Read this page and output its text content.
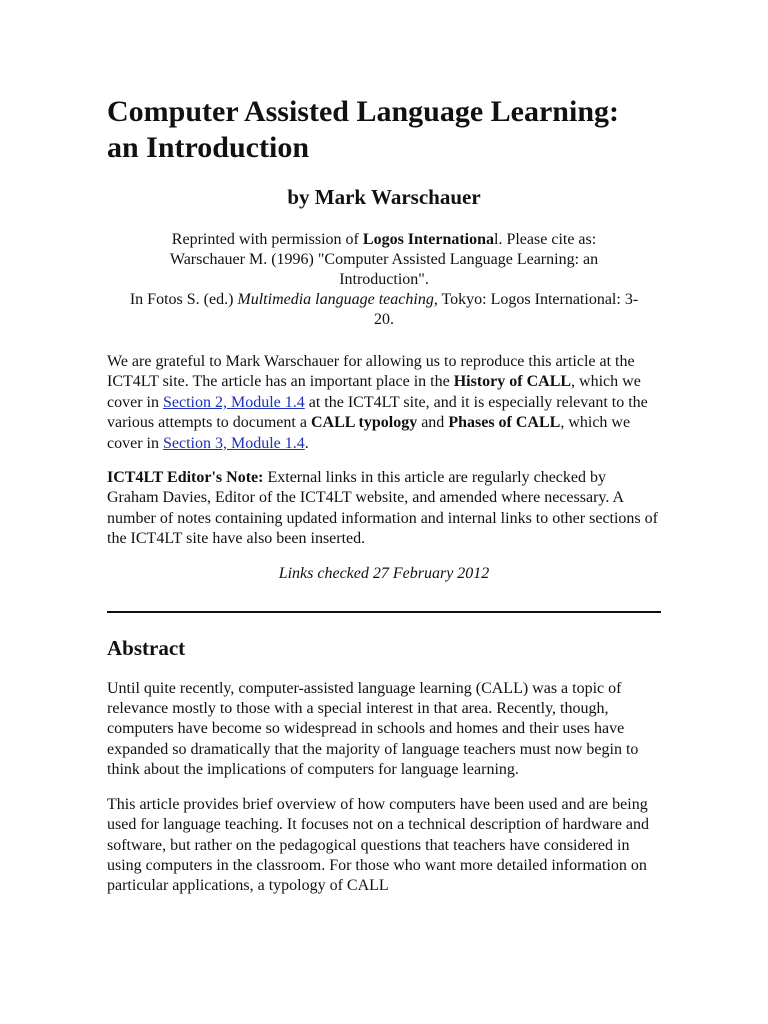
Computer Assisted Language Learning:
an Introduction
by Mark Warschauer
Reprinted with permission of Logos International. Please cite as:
Warschauer M. (1996) "Computer Assisted Language Learning: an
Introduction".
In Fotos S. (ed.) Multimedia language teaching, Tokyo: Logos International: 3-
20.

We are grateful to Mark Warschauer for allowing us to reproduce this article at the ICT4LT site. The article has an important place in the History of CALL, which we cover in Section 2, Module 1.4 at the ICT4LT site, and it is especially relevant to the various attempts to document a CALL typology and Phases of CALL, which we cover in Section 3, Module 1.4.

ICT4LT Editor's Note: External links in this article are regularly checked by Graham Davies, Editor of the ICT4LT website, and amended where necessary. A number of notes containing updated information and internal links to other sections of the ICT4LT site have also been inserted.

Links checked 27 February 2012
Abstract

Until quite recently, computer-assisted language learning (CALL) was a topic of relevance mostly to those with a special interest in that area. Recently, though, computers have become so widespread in schools and homes and their uses have expanded so dramatically that the majority of language teachers must now begin to think about the implications of computers for language learning.

This article provides brief overview of how computers have been used and are being used for language teaching. It focuses not on a technical description of hardware and software, but rather on the pedagogical questions that teachers have considered in using computers in the classroom. For those who want more detailed information on particular applications, a typology of CALL
